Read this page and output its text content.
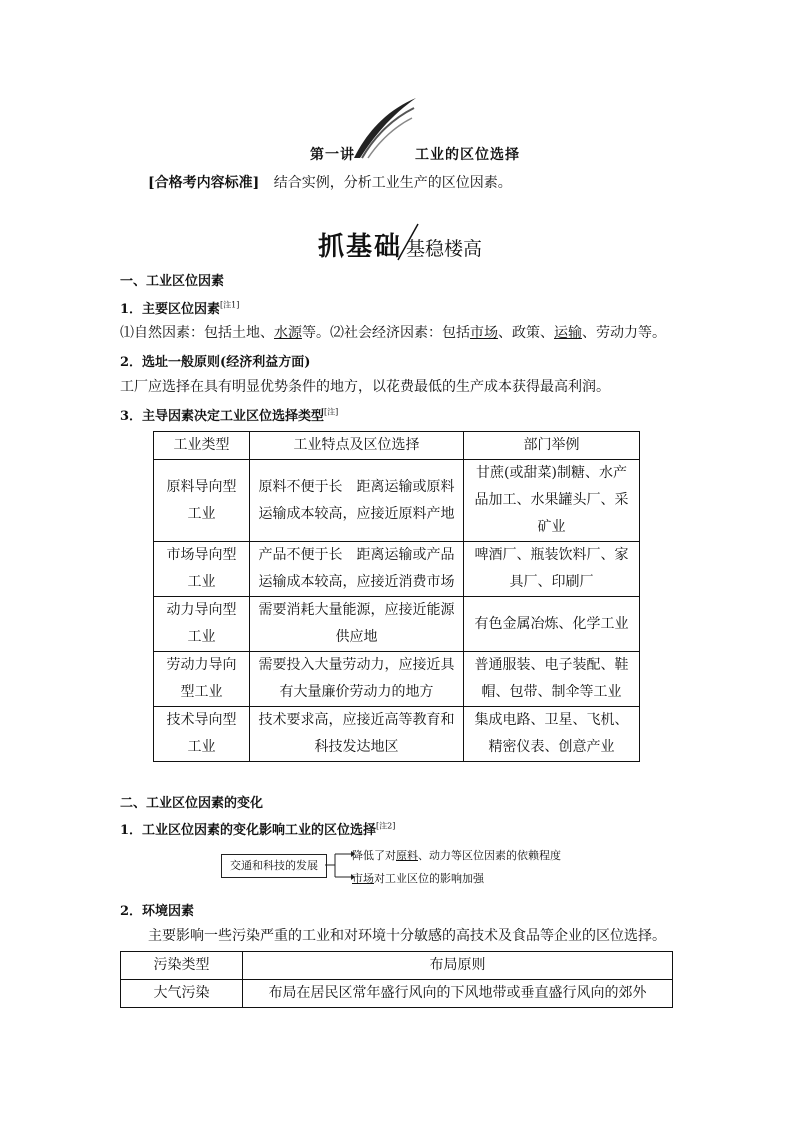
第一讲	工业的区位选择
[合格考内容标准] 结合实例，分析工业生产的区位因素。
抓基础 基稳楼高
一、工业区位因素
1．主要区位因素[注1]
⑴自然因素：包括土地、水源等。⑵社会经济因素：包括市场、政策、运输、劳动力等。
2．选址一般原则(经济利益方面)
工厂应选择在具有明显优势条件的地方，以花费最低的生产成本获得最高利润。
3．主导因素决定工业区位选择类型[注]
工业类型	工业特点及区位选择	部门举例
原料导向型工业	原料不便于长　距离运输或原料运输成本较高，应接近原料产地	甘蔗(或甜菜)制糖、水产品加工、水果罐头厂、采矿业
市场导向型工业	产品不便于长　距离运输或产品运输成本较高，应接近消费市场	啤酒厂、瓶装饮料厂、家具厂、印刷厂
动力导向型工业	需要消耗大量能源，应接近能源供应地	有色金属冶炼、化学工业
劳动力导向型工业	需要投入大量劳动力，应接近具有大量廉价劳动力的地方	普通服装、电子装配、鞋帽、包带、制伞等工业
技术导向型工业	技术要求高，应接近高等教育和科技发达地区	集成电路、卫星、飞机、精密仪表、创意产业
二、工业区位因素的变化
1．工业区位因素的变化影响工业的区位选择[注2]
交通和科技的发展
降低了对原料、动力等区位因素的依赖程度
市场对工业区位的影响加强
2．环境因素
主要影响一些污染严重的工业和对环境十分敏感的高技术及食品等企业的区位选择。
污染类型	布局原则
大气污染	布局在居民区常年盛行风向的下风地带或垂直盛行风向的郊外
